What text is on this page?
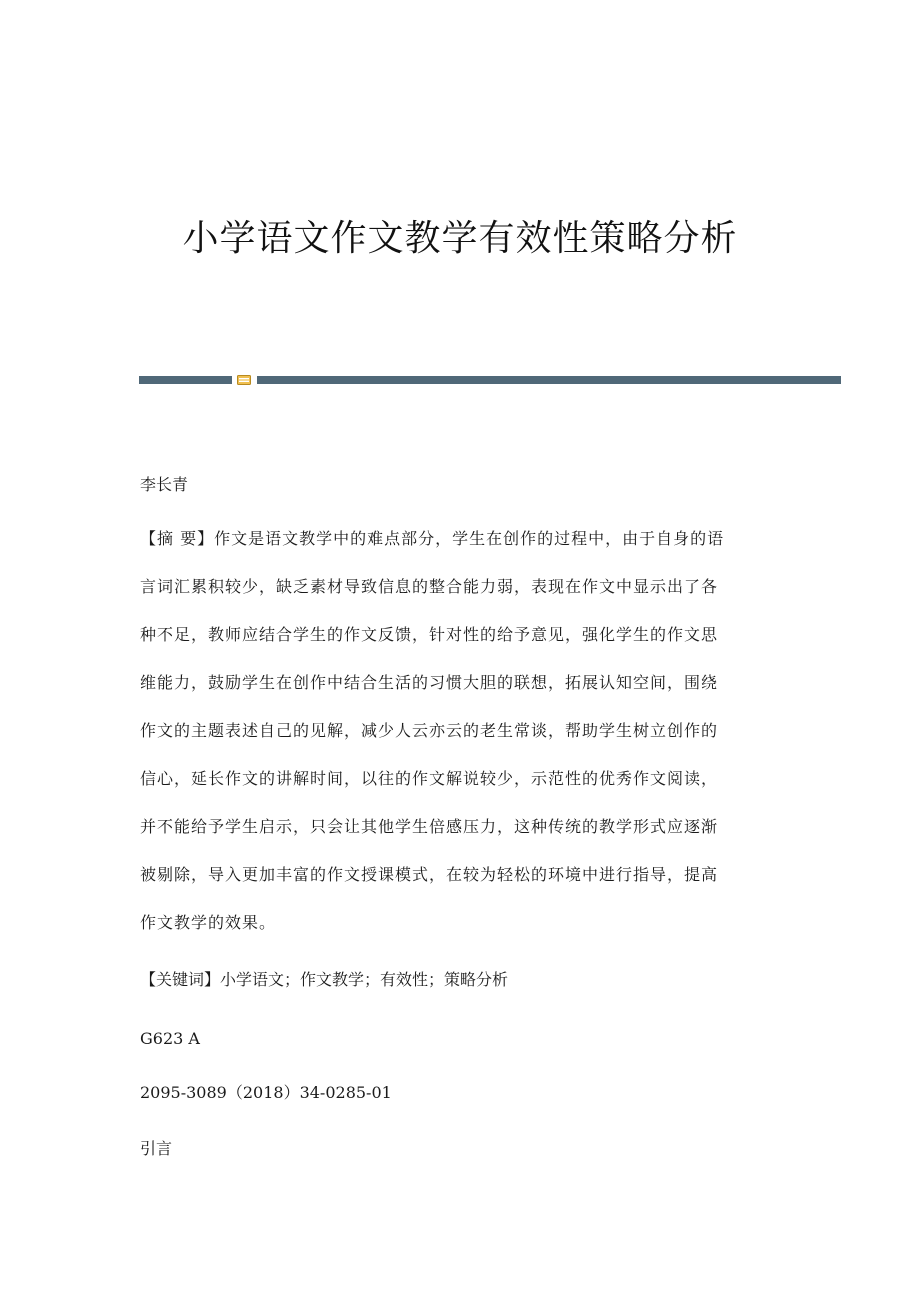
小学语文作文教学有效性策略分析
李长青
【摘 要】作文是语文教学中的难点部分，学生在创作的过程中，由于自身的语
言词汇累积较少，缺乏素材导致信息的整合能力弱，表现在作文中显示出了各
种不足，教师应结合学生的作文反馈，针对性的给予意见，强化学生的作文思
维能力，鼓励学生在创作中结合生活的习惯大胆的联想，拓展认知空间，围绕
作文的主题表述自己的见解，减少人云亦云的老生常谈，帮助学生树立创作的
信心，延长作文的讲解时间，以往的作文解说较少，示范性的优秀作文阅读，
并不能给予学生启示，只会让其他学生倍感压力，这种传统的教学形式应逐渐
被剔除，导入更加丰富的作文授课模式，在较为轻松的环境中进行指导，提高
作文教学的效果。
【关键词】小学语文；作文教学；有效性；策略分析
G623 A
2095-3089（2018）34-0285-01
引言
